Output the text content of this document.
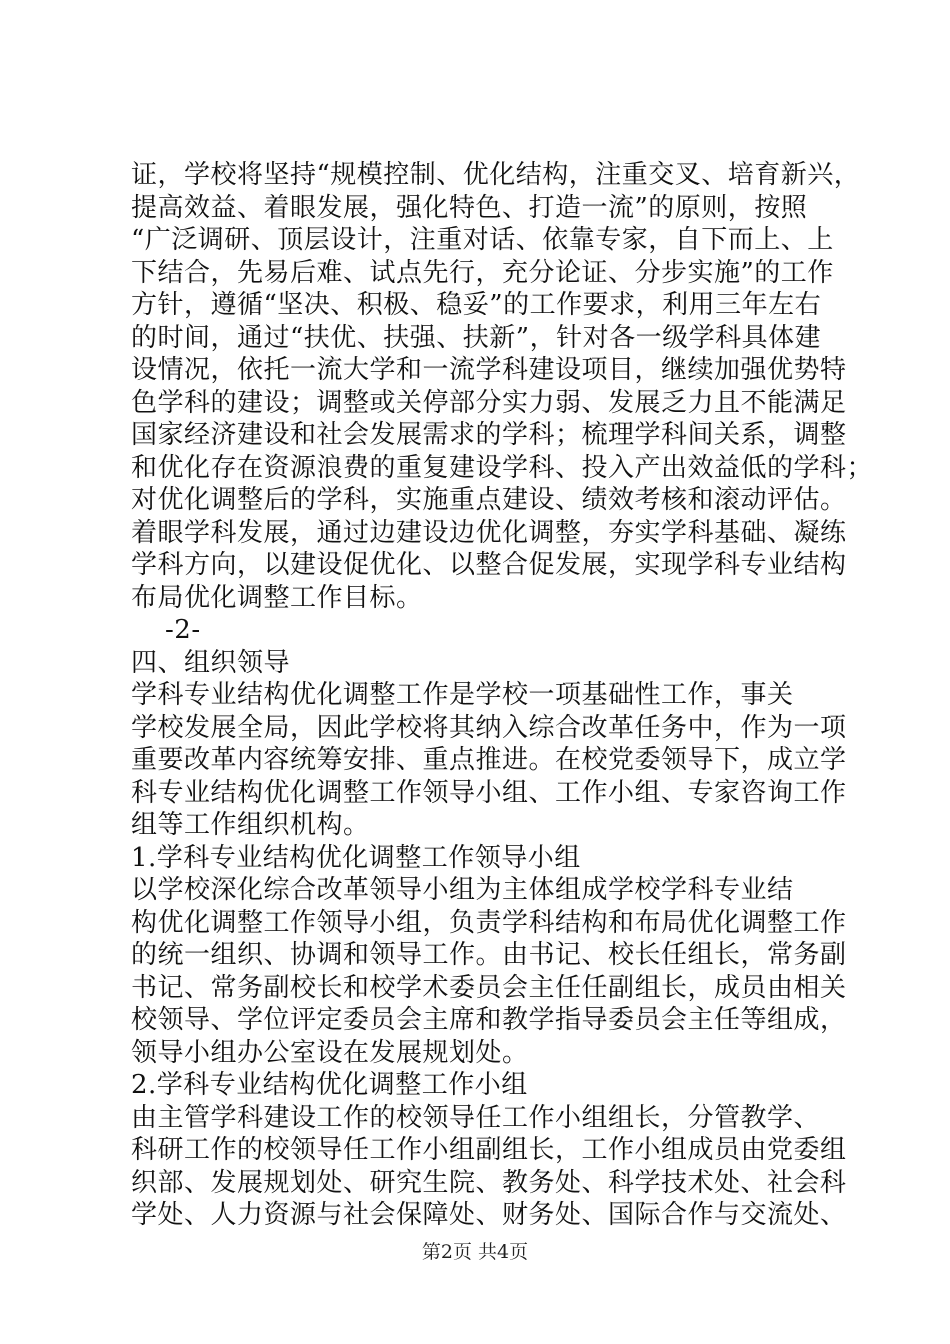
证，学校将坚持“规模控制、优化结构，注重交叉、培育新兴，
提高效益、着眼发展，强化特色、打造一流”的原则，按照
“广泛调研、顶层设计，注重对话、依靠专家，自下而上、上
下结合，先易后难、试点先行，充分论证、分步实施”的工作
方针，遵循“坚决、积极、稳妥”的工作要求，利用三年左右
的时间，通过“扶优、扶强、扶新”，针对各一级学科具体建
设情况，依托一流大学和一流学科建设项目，继续加强优势特
色学科的建设；调整或关停部分实力弱、发展乏力且不能满足
国家经济建设和社会发展需求的学科；梳理学科间关系，调整
和优化存在资源浪费的重复建设学科、投入产出效益低的学科；
对优化调整后的学科，实施重点建设、绩效考核和滚动评估。
着眼学科发展，通过边建设边优化调整，夯实学科基础、凝练
学科方向，以建设促优化、以整合促发展，实现学科专业结构
布局优化调整工作目标。
-2-
四、组织领导
学科专业结构优化调整工作是学校一项基础性工作，事关
学校发展全局，因此学校将其纳入综合改革任务中，作为一项
重要改革内容统筹安排、重点推进。在校党委领导下，成立学
科专业结构优化调整工作领导小组、工作小组、专家咨询工作
组等工作组织机构。
1.学科专业结构优化调整工作领导小组
以学校深化综合改革领导小组为主体组成学校学科专业结
构优化调整工作领导小组，负责学科结构和布局优化调整工作
的统一组织、协调和领导工作。由书记、校长任组长，常务副
书记、常务副校长和校学术委员会主任任副组长，成员由相关
校领导、学位评定委员会主席和教学指导委员会主任等组成，
领导小组办公室设在发展规划处。
2.学科专业结构优化调整工作小组
由主管学科建设工作的校领导任工作小组组长，分管教学、
科研工作的校领导任工作小组副组长，工作小组成员由党委组
织部、发展规划处、研究生院、教务处、科学技术处、社会科
学处、人力资源与社会保障处、财务处、国际合作与交流处、
第2页 共4页
